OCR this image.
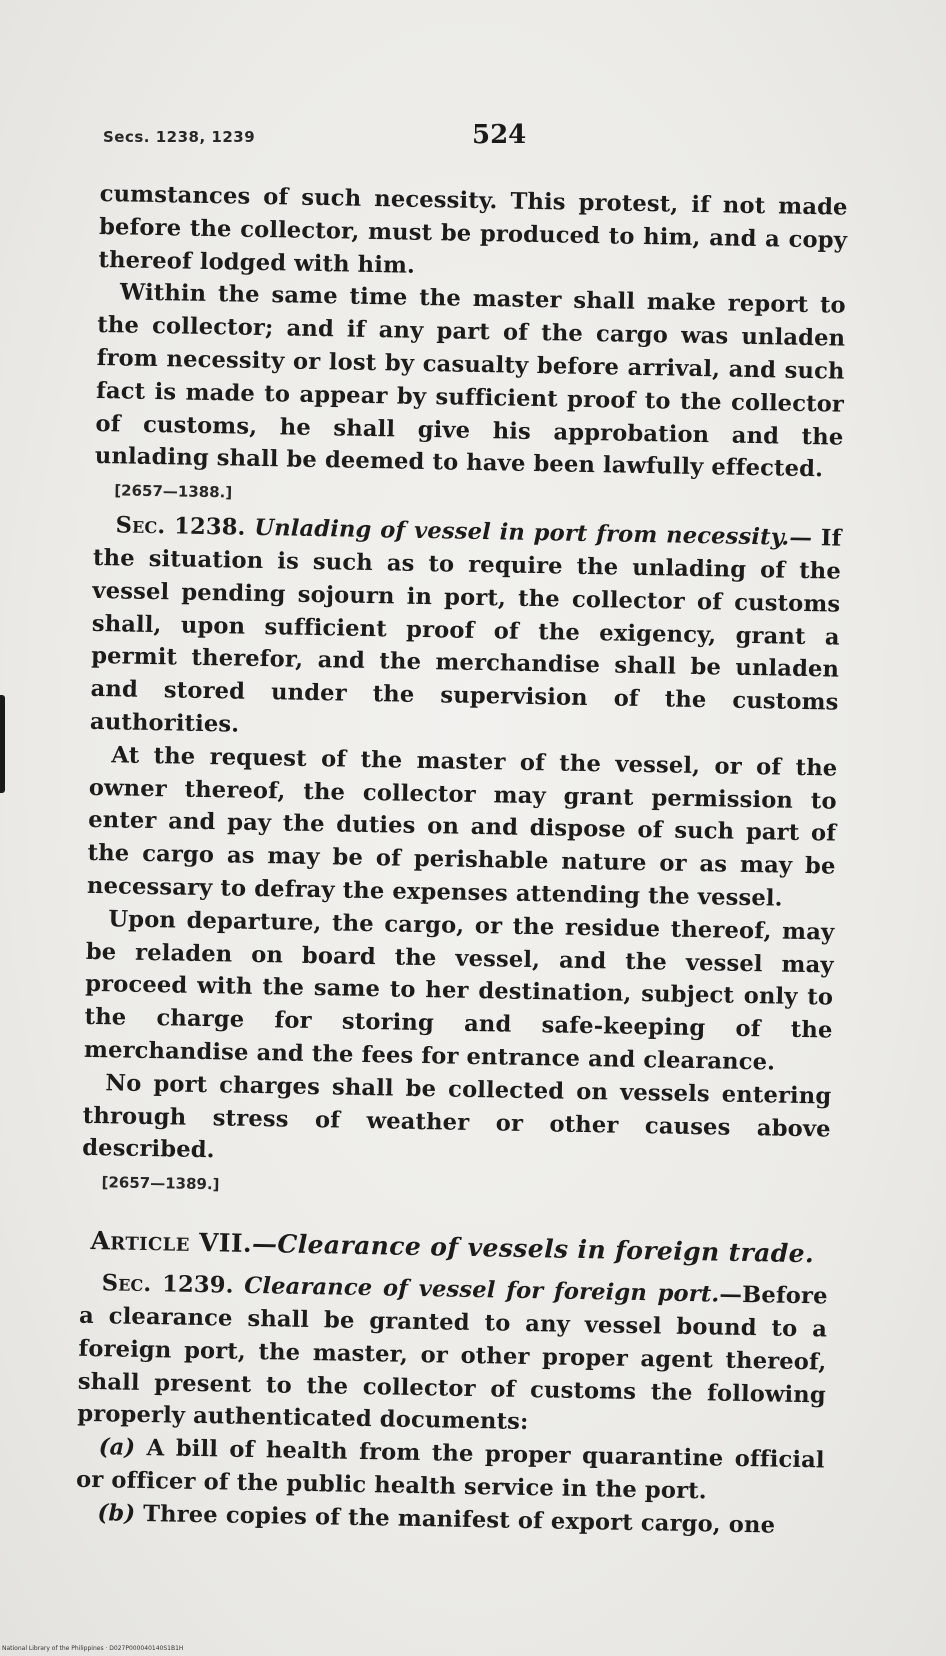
Secs. 1238, 1239	524

cumstances of such necessity. This protest, if not made before the collector, must be produced to him, and a copy thereof lodged with him.

Within the same time the master shall make report to the collector; and if any part of the cargo was unladen from necessity or lost by casualty before arrival, and such fact is made to appear by sufficient proof to the collector of customs, he shall give his approbation and the unlading shall be deemed to have been lawfully effected.

[2657—1388.]

Sec. 1238. Unlading of vessel in port from necessity.— If the situation is such as to require the unlading of the vessel pending sojourn in port, the collector of customs shall, upon sufficient proof of the exigency, grant a permit therefor, and the merchandise shall be unladen and stored under the supervision of the customs authorities.

At the request of the master of the vessel, or of the owner thereof, the collector may grant permission to enter and pay the duties on and dispose of such part of the cargo as may be of perishable nature or as may be necessary to defray the expenses attending the vessel.

Upon departure, the cargo, or the residue thereof, may be reladen on board the vessel, and the vessel may proceed with the same to her destination, subject only to the charge for storing and safe-keeping of the merchandise and the fees for entrance and clearance.

No port charges shall be collected on vessels entering through stress of weather or other causes above described.

[2657—1389.]
Article VII.—Clearance of vessels in foreign trade.

Sec. 1239. Clearance of vessel for foreign port.—Before a clearance shall be granted to any vessel bound to a foreign port, the master, or other proper agent thereof, shall present to the collector of customs the following properly authenticated documents:

(a) A bill of health from the proper quarantine official or officer of the public health service in the port.

(b) Three copies of the manifest of export cargo, one

National Library of the Philippines · D027P000040140S1B1H
